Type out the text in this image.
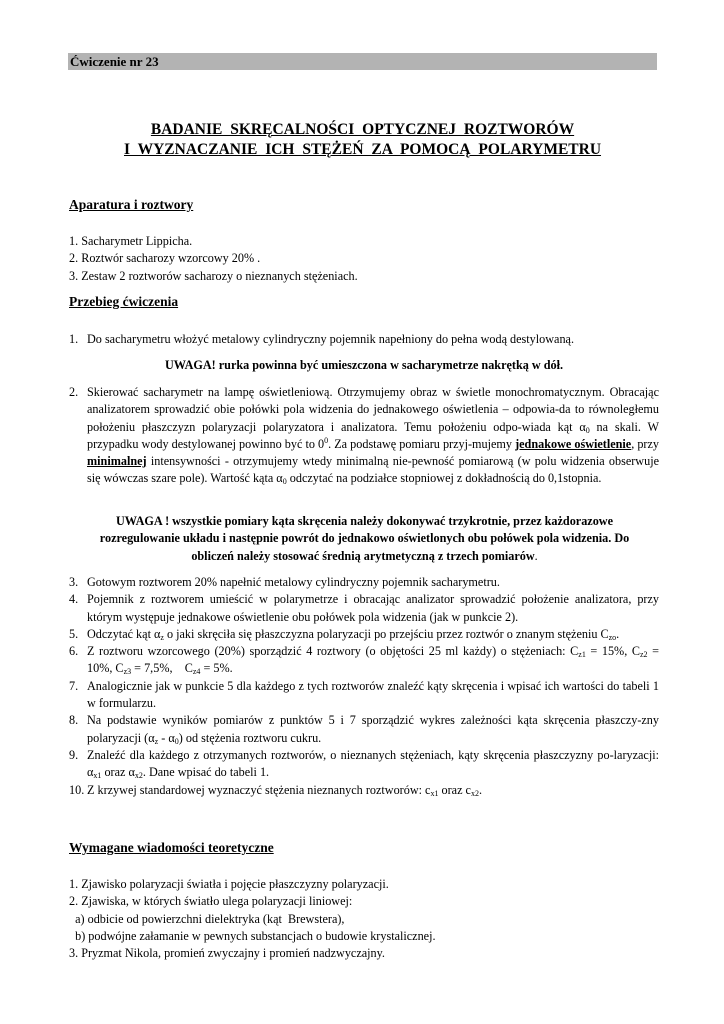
Ćwiczenie nr 23
BADANIE SKRĘCALNOŚCI OPTYCZNEJ ROZTWORÓW
I WYZNACZANIE ICH STĘŻEŃ ZA POMOCĄ POLARYMETRU
Aparatura i roztwory
1. Sacharymetr Lippicha.
2. Roztwór sacharozy wzorcowy 20% .
3. Zestaw 2 roztworów sacharozy o nieznanych stężeniach.
Przebieg ćwiczenia
1. Do sacharymetru włożyć metalowy cylindryczny pojemnik napełniony do pełna wodą destylowaną.
UWAGA! rurka powinna być umieszczona w sacharymetrze nakrętką w dół.
2. Skierować sacharymetr na lampę oświetleniową. Otrzymujemy obraz w świetle monochromatycznym. Obracając analizatorem sprowadzić obie połówki pola widzenia do jednakowego oświetlenia – odpowia-da to równoległemu położeniu płaszczyzn polaryzacji polaryzatora i analizatora. Temu położeniu odpo-wiada kąt $\alpha_0$ na skali. W przypadku wody destylowanej powinno być to $0^0$. Za podstawę pomiaru przyj-mujemy jednakowe oświetlenie, przy minimalnej intensywności - otrzymujemy wtedy minimalną nie-pewność pomiarową (w polu widzenia obserwuje się wówczas szare pole). Wartość kąta $\alpha_0$ odczytać na podziałce stopniowej z dokładnością do 0,1stopnia.
UWAGA ! wszystkie pomiary kąta skręcenia należy dokonywać trzykrotnie, przez każdorazowe rozregulowanie układu i następnie powrót do jednakowo oświetlonych obu połówek pola widzenia. Do obliczeń należy stosować średnią arytmetyczną z trzech pomiarów.
3. Gotowym roztworem 20% napełnić metalowy cylindryczny pojemnik sacharymetru.
4. Pojemnik z roztworem umieścić w polarymetrze i obracając analizator sprowadzić położenie analizatora, przy którym występuje jednakowe oświetlenie obu połówek pola widzenia (jak w punkcie 2).
5. Odczytać kąt $\alpha_z$ o jaki skręciła się płaszczyzna polaryzacji po przejściu przez roztwór o znanym stężeniu $C_{zo}$.
6. Z roztworu wzorcowego (20%) sporządzić 4 roztwory (o objętości 25 ml każdy) o stężeniach: $C_{z1} = 15\%$, $C_{z2} = 10\%$, $C_{z3} = 7,5\%$,    $C_{z4} = 5\%$.
7. Analogicznie jak w punkcie 5 dla każdego z tych roztworów znaleźć kąty skręcenia i wpisać ich wartości do tabeli 1 w formularzu.
8. Na podstawie wyników pomiarów z punktów 5 i 7 sporządzić wykres zależności kąta skręcenia płaszczy-zny polaryzacji $(\alpha_z - \alpha_0)$ od stężenia roztworu cukru.
9. Znaleźć dla każdego z otrzymanych roztworów, o nieznanych stężeniach, kąty skręcenia płaszczyzny po-laryzacji: $\alpha_{x1}$ oraz $\alpha_{x2}$. Dane wpisać do tabeli 1.
10. Z krzywej standardowej wyznaczyć stężenia nieznanych roztworów: $c_{x1}$ oraz $c_{x2}$.
Wymagane wiadomości teoretyczne
1. Zjawisko polaryzacji światła i pojęcie płaszczyzny polaryzacji.
2. Zjawiska, w których światło ulega polaryzacji liniowej:
a) odbicie od powierzchni dielektryka (kąt  Brewstera),
b) podwójne załamanie w pewnych substancjach o budowie krystalicznej.
3. Pryzmat Nikola, promień zwyczajny i promień nadzwyczajny.
